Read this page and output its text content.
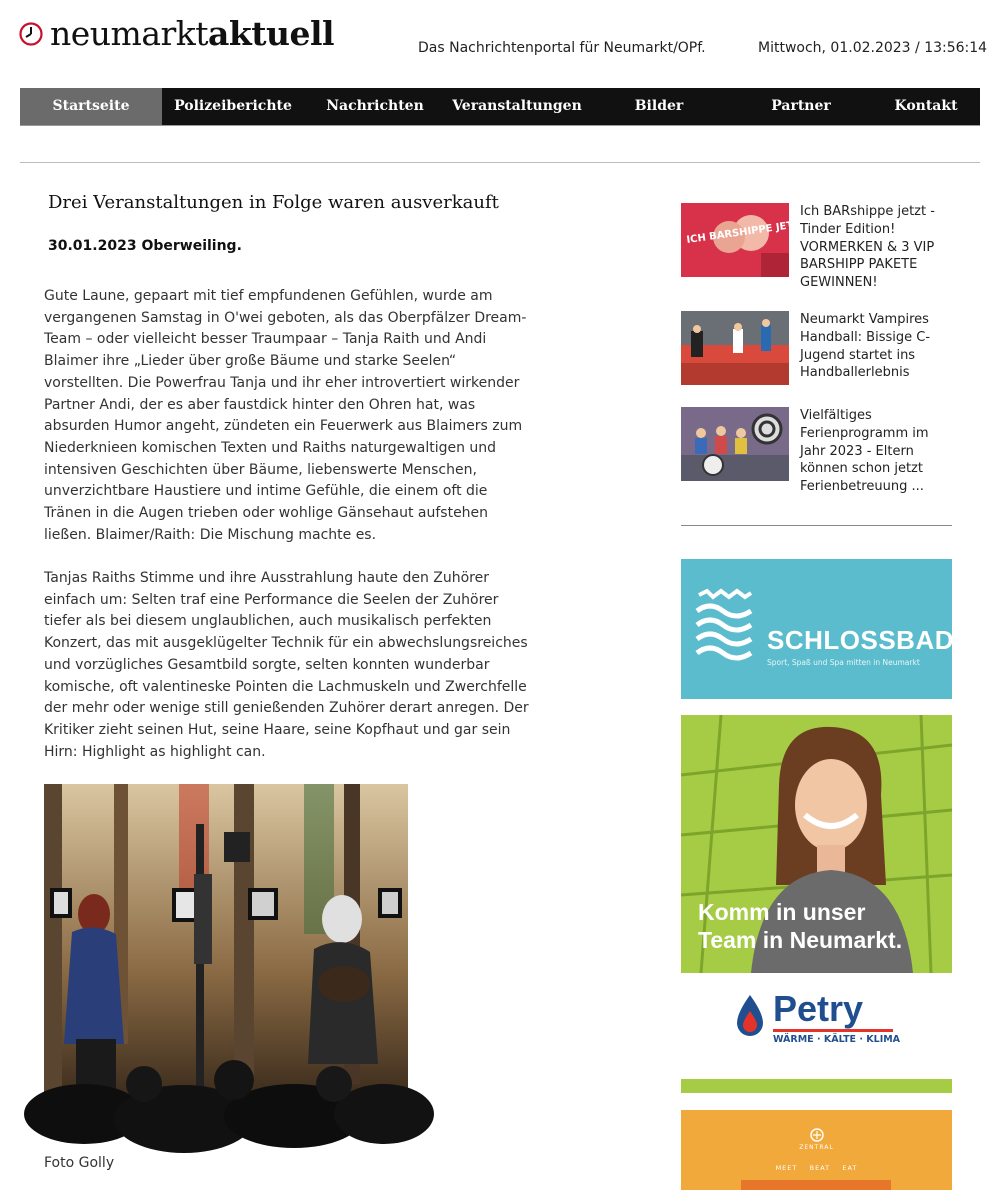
neumarktaktuell	Das Nachrichtenportal für Neumarkt/OPf.	Mittwoch, 01.02.2023 / 13:56:14
Startseite	Polizeiberichte	Nachrichten	Veranstaltungen	Bilder	Partner	Kontakt
Drei Veranstaltungen in Folge waren ausverkauft
30.01.2023 Oberweiling.
Gute Laune, gepaart mit tief empfundenen Gefühlen, wurde am vergangenen Samstag in O'wei geboten, als das Oberpfälzer Dream-Team – oder vielleicht besser Traumpaar – Tanja Raith und Andi Blaimer ihre „Lieder über große Bäume und starke Seelen“ vorstellten. Die Powerfrau Tanja und ihr eher introvertiert wirkender Partner Andi, der es aber faustdick hinter den Ohren hat, was absurden Humor angeht, zündeten ein Feuerwerk aus Blaimers zum Niederknieen komischen Texten und Raiths naturgewaltigen und intensiven Geschichten über Bäume, liebenswerte Menschen, unverzichtbare Haustiere und intime Gefühle, die einem oft die Tränen in die Augen trieben oder wohlige Gänsehaut aufstehen ließen. Blaimer/Raith: Die Mischung machte es.
Tanjas Raiths Stimme und ihre Ausstrahlung haute den Zuhörer einfach um: Selten traf eine Performance die Seelen der Zuhörer tiefer als bei diesem unglaublichen, auch musikalisch perfekten Konzert, das mit ausgeklügelter Technik für ein abwechslungsreiches und vorzügliches Gesamtbild sorgte, selten konnten wunderbar komische, oft valentineske Pointen die Lachmuskeln und Zwerchfelle der mehr oder wenige still genießenden Zuhörer derart anregen. Der Kritiker zieht seinen Hut, seine Haare, seine Kopfhaut und gar sein Hirn: Highlight as highlight can.
Foto Golly
ICH BARSHIPPE JETZT
Ich BARshippe jetzt - Tinder Edition! VORMERKEN & 3 VIP BARSHIPP PAKETE GEWINNEN!
Neumarkt Vampires Handball: Bissige C-Jugend startet ins Handballerlebnis
Vielfältiges Ferienprogramm im Jahr 2023 - Eltern können schon jetzt Ferienbetreuung ...
SCHLOSSBAD
Sport, Spaß und Spa mitten in Neumarkt
Komm in unser
Team in Neumarkt.
Petry
WÄRME · KÄLTE · KLIMA
ZENTRAL
MEET    BEAT    EAT
